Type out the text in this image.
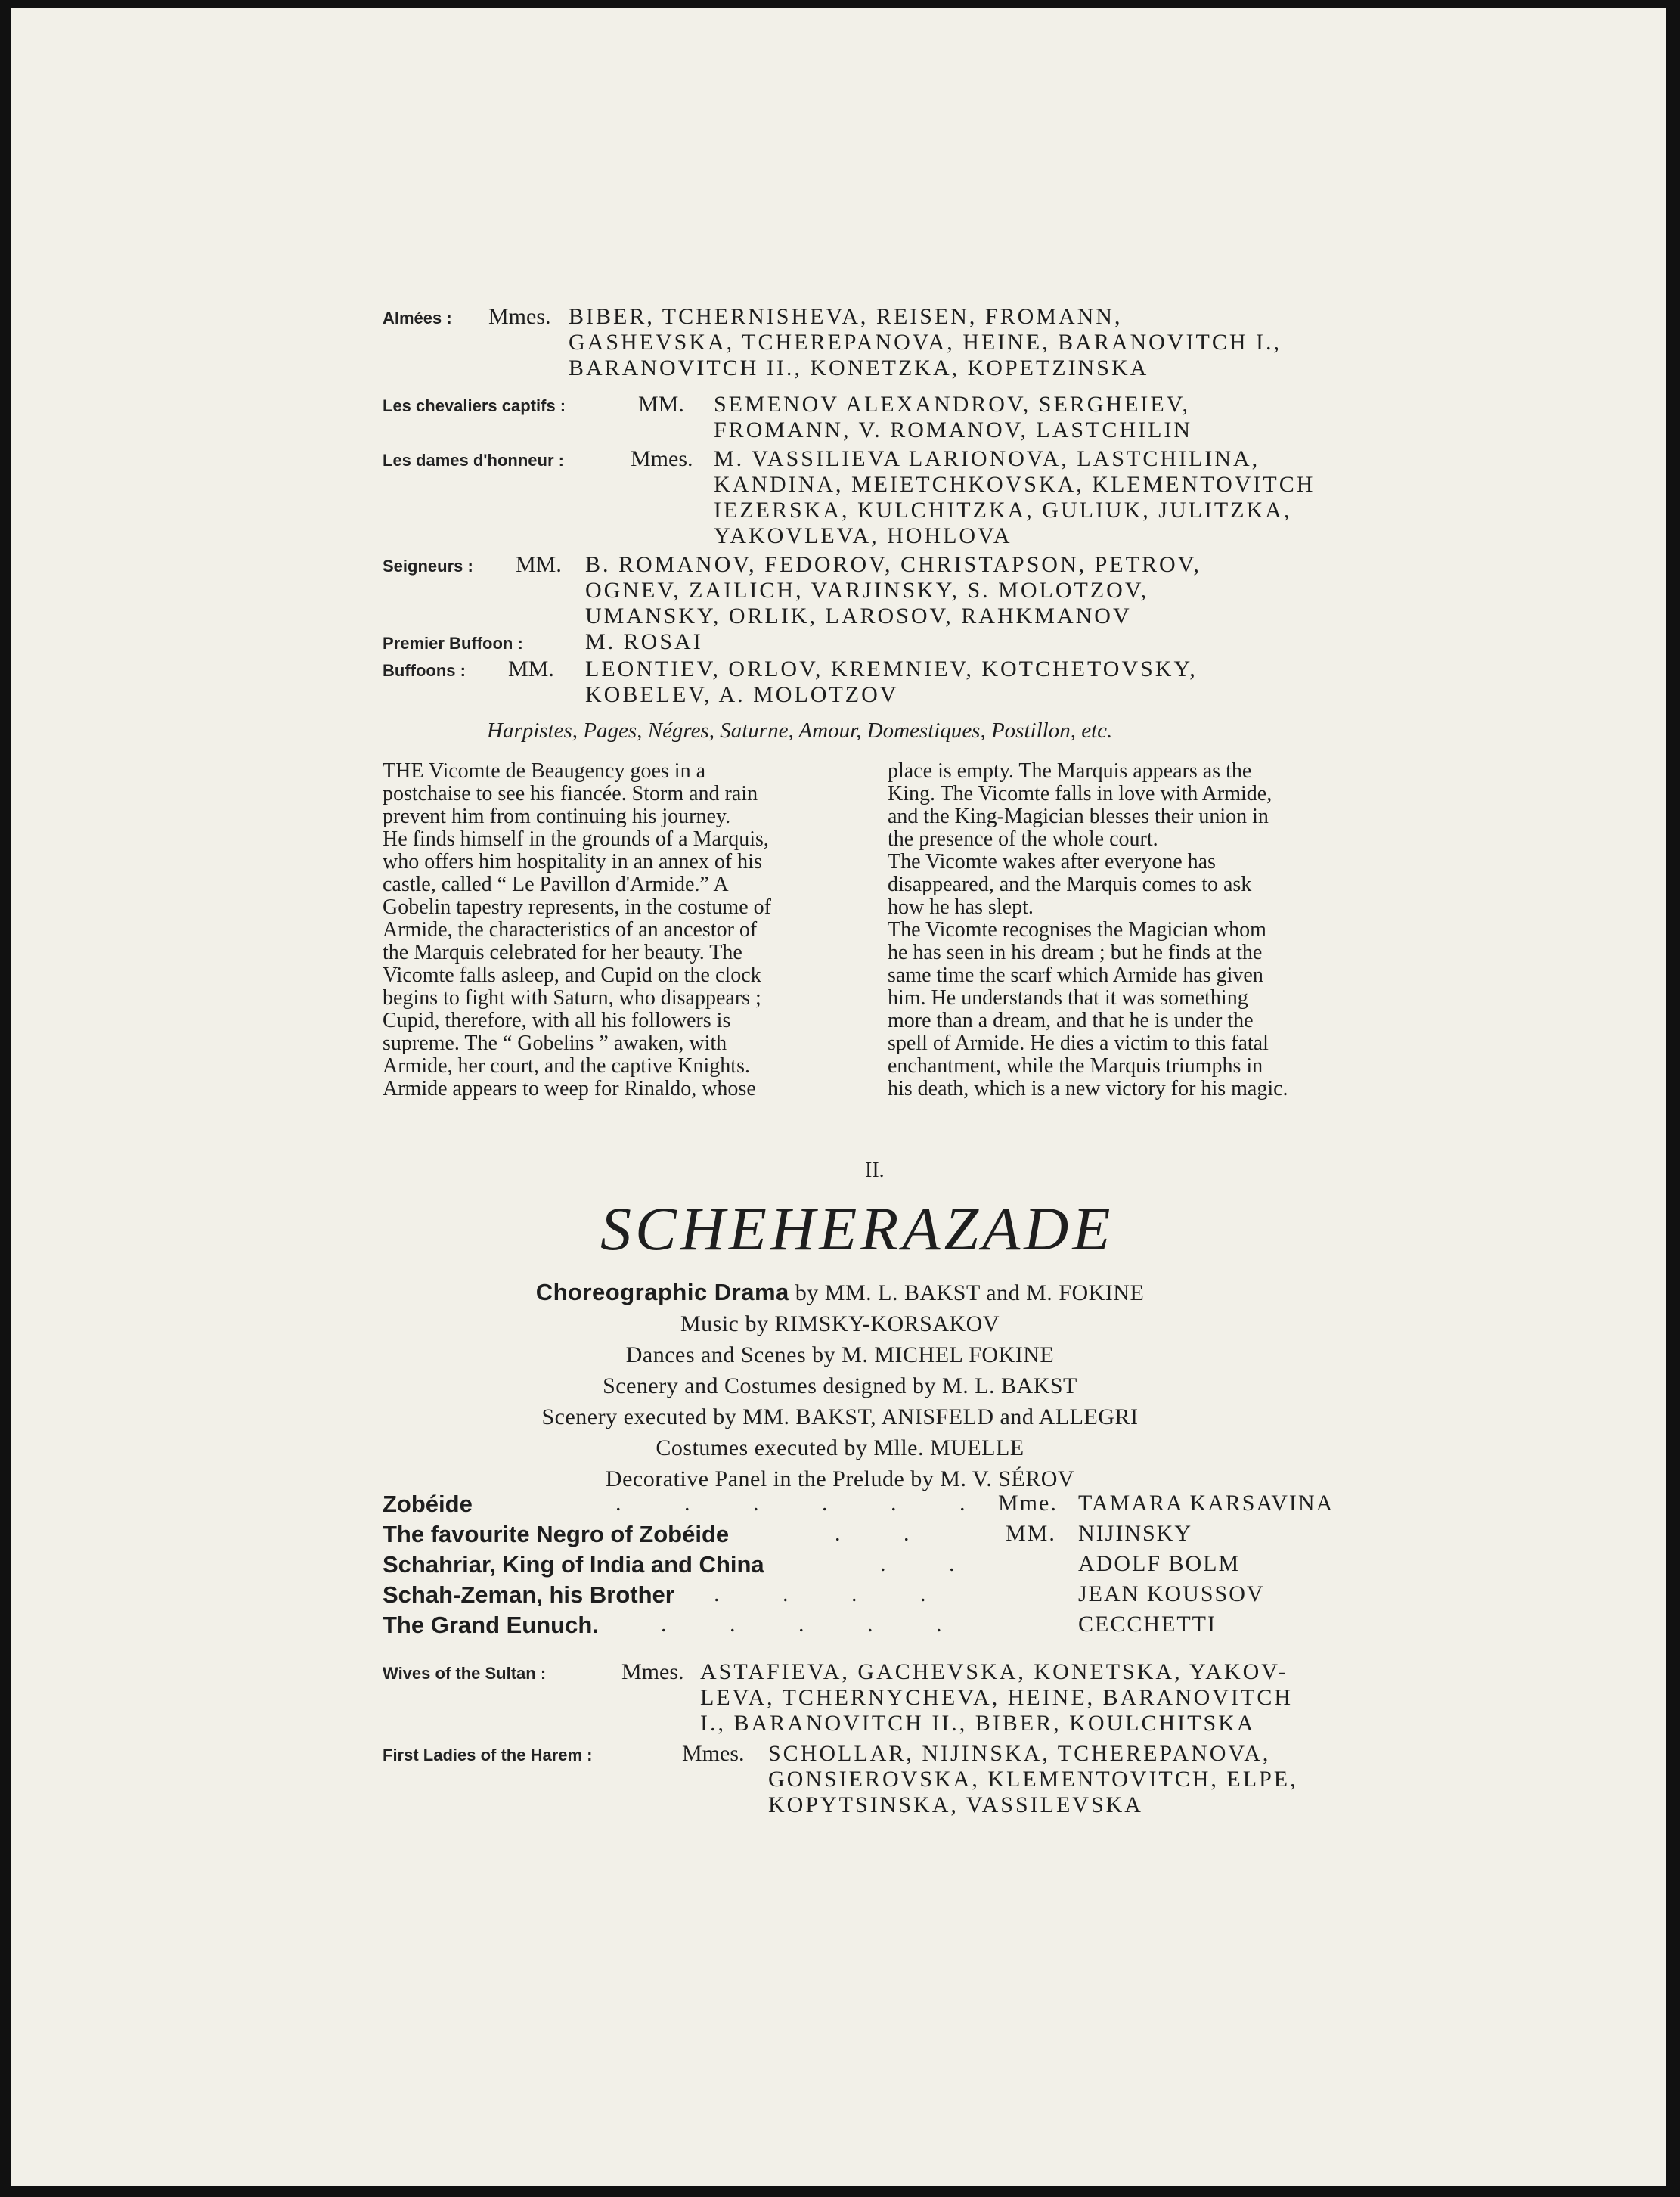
Almées : Mmes. BIBER, TCHERNISHEVA, REISEN, FROMANN,
GASHEVSKA, TCHEREPANOVA, HEINE, BARANOVITCH I.,
BARANOVITCH II., KONETZKA, KOPETZINSKA
Les chevaliers captifs :	MM. SEMENOV ALEXANDROV, SERGHEIEV,
FROMANN, V. ROMANOV, LASTCHILIN
Les dames d'honneur :	Mmes. M. VASSILIEVA LARIONOVA, LASTCHILINA,
KANDINA, MEIETCHKOVSKA, KLEMENTOVITCH
IEZERSKA, KULCHITZKA, GULIUK, JULITZKA,
YAKOVLEVA, HOHLOVA
Seigneurs : MM. B. ROMANOV, FEDOROV, CHRISTAPSON, PETROV,
OGNEV, ZAILICH, VARJINSKY, S. MOLOTZOV,
UMANSKY, ORLIK, LAROSOV, RAHKMANOV
Premier Buffoon :	M. ROSAI
Buffoons : MM. LEONTIEV, ORLOV, KREMNIEV, KOTCHETOVSKY,
KOBELEV, A. MOLOTZOV
Harpistes, Pages, Négres, Saturne, Amour, Domestiques, Postillon, etc.
THE Vicomte de Beaugency goes in a
postchaise to see his fiancée. Storm and rain
prevent him from continuing his journey.
He finds himself in the grounds of a Marquis,
who offers him hospitality in an annex of his
castle, called “ Le Pavillon d'Armide.” A
Gobelin tapestry represents, in the costume of
Armide, the characteristics of an ancestor of
the Marquis celebrated for her beauty. The
Vicomte falls asleep, and Cupid on the clock
begins to fight with Saturn, who disappears ;
Cupid, therefore, with all his followers is
supreme. The “ Gobelins ” awaken, with
Armide, her court, and the captive Knights.
Armide appears to weep for Rinaldo, whose
place is empty. The Marquis appears as the
King. The Vicomte falls in love with Armide,
and the King-Magician blesses their union in
the presence of the whole court.
The Vicomte wakes after everyone has
disappeared, and the Marquis comes to ask
how he has slept.
The Vicomte recognises the Magician whom
he has seen in his dream ; but he finds at the
same time the scarf which Armide has given
him. He understands that it was something
more than a dream, and that he is under the
spell of Armide. He dies a victim to this fatal
enchantment, while the Marquis triumphs in
his death, which is a new victory for his magic.
II.
SCHEHERAZADE
Choreographic Drama by MM. L. BAKST and M. FOKINE
Music by RIMSKY-KORSAKOV
Dances and Scenes by M. MICHEL FOKINE
Scenery and Costumes designed by M. L. BAKST
Scenery executed by MM. BAKST, ANISFELD and ALLEGRI
Costumes executed by Mlle. MUELLE
Decorative Panel in the Prelude by M. V. SÉROV
Zobéide	. . . . . . Mme. TAMARA KARSAVINA
The favourite Negro of Zobéide	. .	MM. NIJINSKY
Schahriar, King of India and China	. .	ADOLF BOLM
Schah-Zeman, his Brother . . . .	JEAN KOUSSOV
The Grand Eunuch.	. . . . .	CECCHETTI
Wives of the Sultan :	Mmes. ASTAFIEVA, GACHEVSKA, KONETSKA, YAKOV-
LEVA, TCHERNYCHEVA, HEINE, BARANOVITCH
I., BARANOVITCH II., BIBER, KOULCHITSKA
First Ladies of the Harem :	Mmes. SCHOLLAR, NIJINSKA, TCHEREPANOVA,
GONSIEROVSKA, KLEMENTOVITCH, ELPE,
KOPYTSINSKA, VASSILEVSKA
